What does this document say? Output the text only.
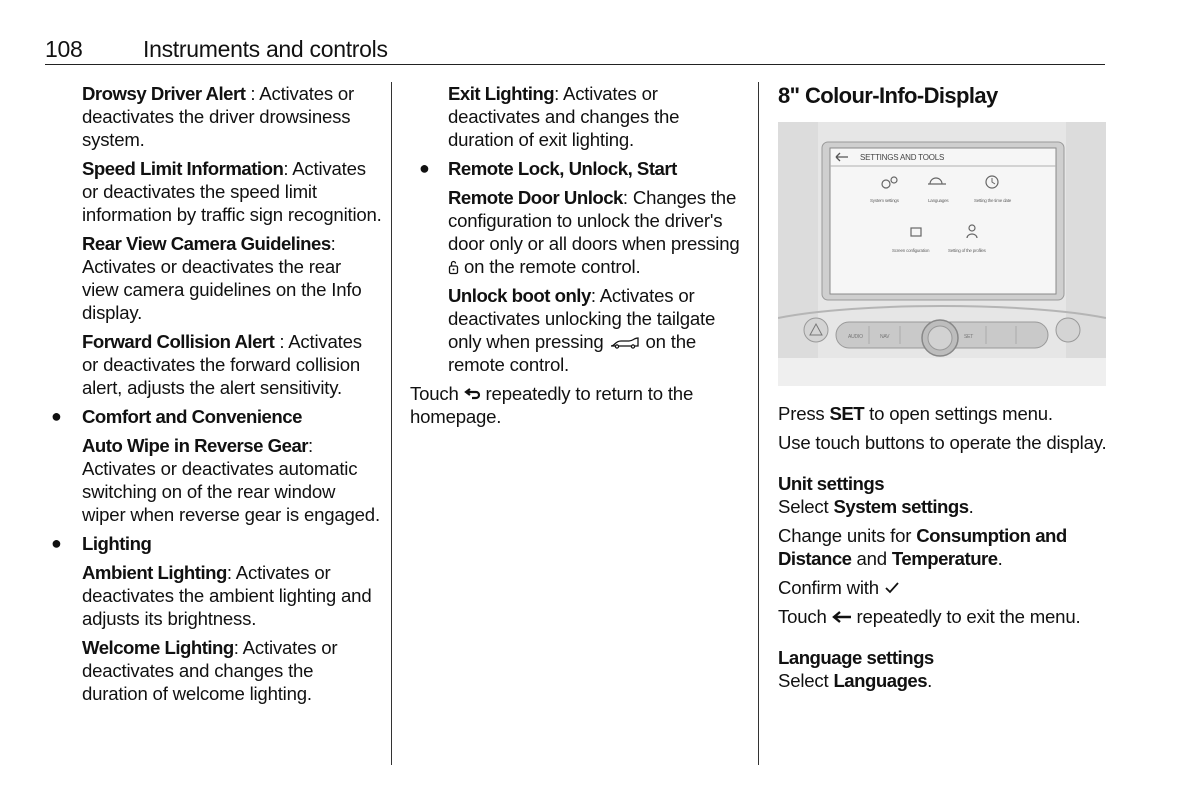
108	Instruments and controls

Drowsy Driver Alert : Activates or deactivates the driver drowsiness system.

Speed Limit Information: Activates or deactivates the speed limit information by traffic sign recognition.

Rear View Camera Guidelines: Activates or deactivates the rear view camera guidelines on the Info display.

Forward Collision Alert : Activates or deactivates the forward collision alert, adjusts the alert sensitivity.

● Comfort and Convenience

Auto Wipe in Reverse Gear: Activates or deactivates automatic switching on of the rear window wiper when reverse gear is engaged.

● Lighting

Ambient Lighting: Activates or deactivates the ambient lighting and adjusts its brightness.

Welcome Lighting: Activates or deactivates and changes the duration of welcome lighting.

Exit Lighting: Activates or deactivates and changes the duration of exit lighting.

● Remote Lock, Unlock, Start

Remote Door Unlock: Changes the configuration to unlock the driver's door only or all doors when pressing  on the remote control.

Unlock boot only: Activates or deactivates unlocking the tailgate only when pressing  on the remote control.

Touch  repeatedly to return to the homepage.

8" Colour-Info-Display
SETTINGS AND TOOLS
System settings	Languages	Setting the time date
Screen configuration	Setting of the profiles
AUDIO	NAV	SET

Press SET to open settings menu.

Use touch buttons to operate the display.

Unit settings

Select System settings.

Change units for Consumption and Distance and Temperature.

Confirm with

Touch  repeatedly to exit the menu.

Language settings

Select Languages.
